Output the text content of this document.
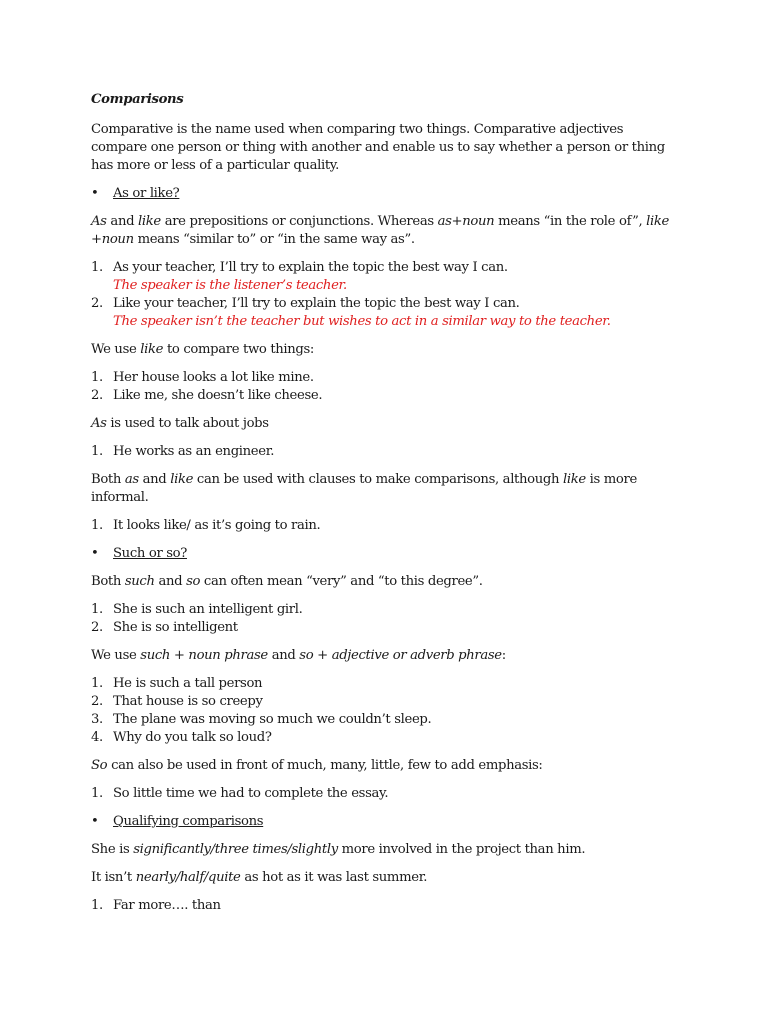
Comparisons

Comparative is the name used when comparing two things. Comparative adjectives compare one person or thing with another and enable us to say whether a person or thing has more or less of a particular quality.

• As or like?

As and like are prepositions or conjunctions. Whereas as+noun means “in the role of”, like +noun means “similar to” or “in the same way as”.

1. As your teacher, I’ll try to explain the topic the best way I can.
The speaker is the listener’s teacher.
2. Like your teacher, I’ll try to explain the topic the best way I can.
The speaker isn’t the teacher but wishes to act in a similar way to the teacher.

We use like to compare two things:

1. Her house looks a lot like mine.
2. Like me, she doesn’t like cheese.

As is used to talk about jobs

1. He works as an engineer.

Both as and like can be used with clauses to make comparisons, although like is more informal.

1. It looks like/ as it’s going to rain.
• Such or so?

Both such and so can often mean “very” and “to this degree”.

1. She is such an intelligent girl.
2. She is so intelligent

We use such + noun phrase and so + adjective or adverb phrase:

1. He is such a tall person
2. That house is so creepy
3. The plane was moving so much we couldn’t sleep.
4. Why do you talk so loud?

So can also be used in front of much, many, little, few to add emphasis:

1. So little time we had to complete the essay.
• Qualifying comparisons

She is significantly/three times/slightly more involved in the project than him.

It isn’t nearly/half/quite as hot as it was last summer.

1. Far more…. than
